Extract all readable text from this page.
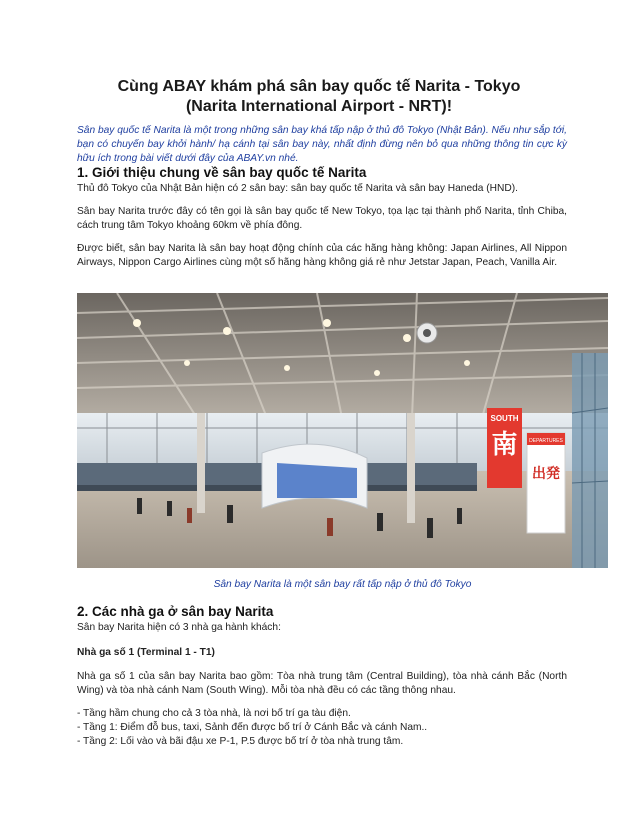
Cùng ABAY khám phá sân bay quốc tế Narita - Tokyo
(Narita International Airport - NRT)!

Sân bay quốc tế Narita là một trong những sân bay khá tấp nập ở thủ đô Tokyo (Nhật Bản). Nếu như sắp tới, bạn có chuyến bay khởi hành/ hạ cánh tại sân bay này, nhất định đừng nên bỏ qua những thông tin cực kỳ hữu ích trong bài viết dưới đây của ABAY.vn nhé.

1. Giới thiệu chung về sân bay quốc tế Narita

Thủ đô Tokyo của Nhật Bản hiện có 2 sân bay: sân bay quốc tế Narita và sân bay Haneda (HND).

Sân bay Narita trước đây có tên gọi là sân bay quốc tế New Tokyo, tọa lạc tại thành phố Narita, tỉnh Chiba, cách trung tâm Tokyo khoảng 60km về phía đông.

Được biết, sân bay Narita là sân bay hoạt động chính của các hãng hàng không: Japan Airlines, All Nippon Airways, Nippon Cargo Airlines cùng một số hãng hàng không giá rẻ như Jetstar Japan, Peach, Vanilla Air.

SOUTH
南
出発
DEPARTURES

Sân bay Narita là một sân bay rất tấp nập ở thủ đô Tokyo

2. Các nhà ga ở sân bay Narita

Sân bay Narita hiện có 3 nhà ga hành khách:

Nhà ga số 1 (Terminal 1 - T1)

Nhà ga số 1 của sân bay Narita bao gồm: Tòa nhà trung tâm (Central Building), tòa nhà cánh Bắc (North Wing) và tòa nhà cánh Nam (South Wing). Mỗi tòa nhà đều có các tầng thông nhau.

- Tầng hầm chung cho cả 3 tòa nhà, là nơi bố trí ga tàu điện.

- Tầng 1: Điểm đỗ bus, taxi, Sảnh đến được bố trí ở Cánh Bắc và cánh Nam..

- Tầng 2: Lối vào và bãi đậu xe P-1, P.5 được bố trí ở tòa nhà trung tâm.
